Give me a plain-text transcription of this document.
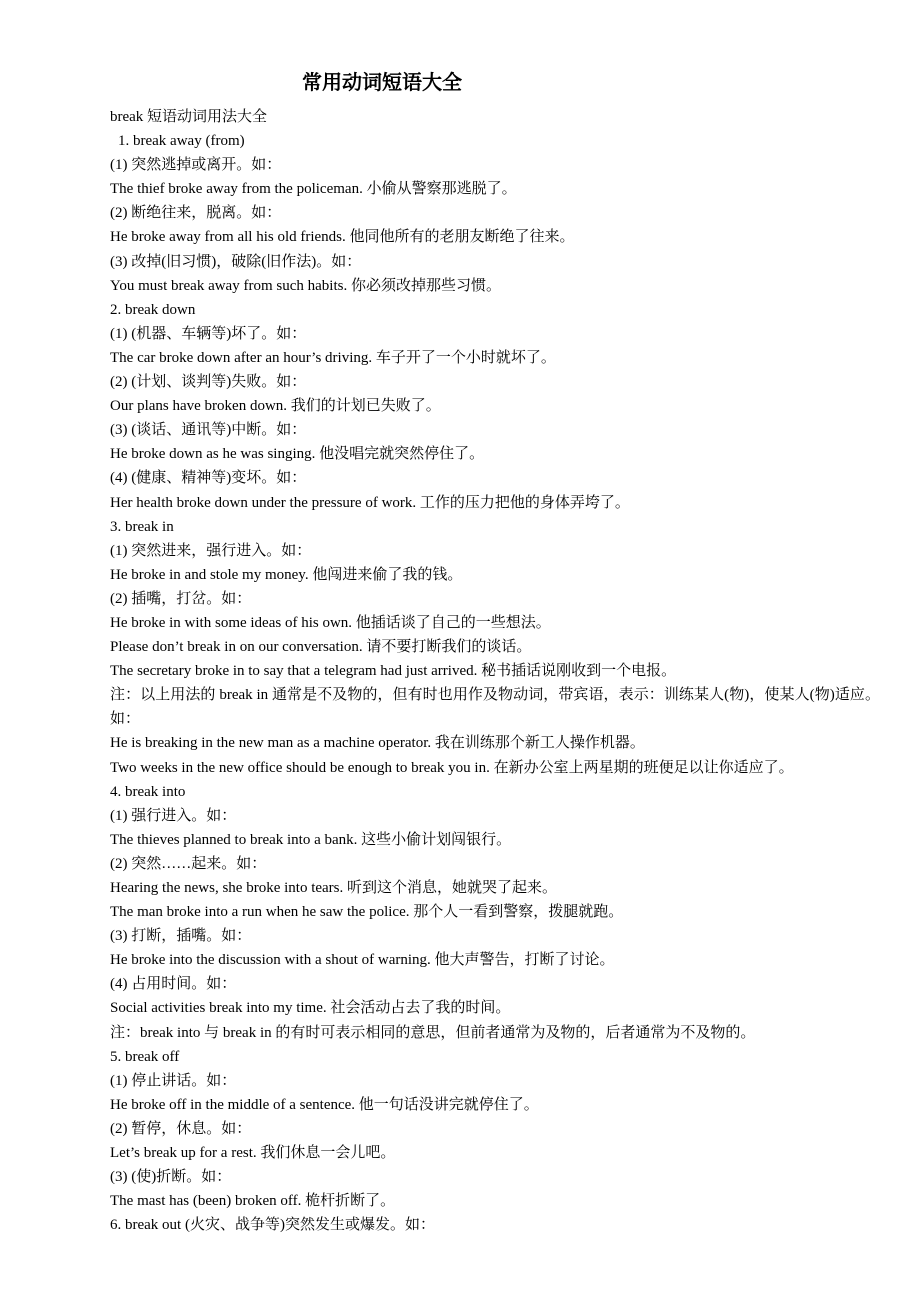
常用动词短语大全
break 短语动词用法大全
1. break away (from)
(1) 突然逃掉或离开。如：
The thief broke away from the policeman. 小偷从警察那逃脱了。
(2) 断绝往来，脱离。如：
He broke away from all his old friends. 他同他所有的老朋友断绝了往来。
(3) 改掉(旧习惯)，破除(旧作法)。如：
You must break away from such habits. 你必须改掉那些习惯。
2. break down
(1) (机器、车辆等)坏了。如：
The car broke down after an hour’s driving. 车子开了一个小时就坏了。
(2) (计划、谈判等)失败。如：
Our plans have broken down. 我们的计划已失败了。
(3) (谈话、通讯等)中断。如：
He broke down as he was singing. 他没唱完就突然停住了。
(4) (健康、精神等)变坏。如：
Her health broke down under the pressure of work. 工作的压力把他的身体弄垮了。
3. break in
(1) 突然进来，强行进入。如：
He broke in and stole my money. 他闯进来偷了我的钱。
(2) 插嘴，打岔。如：
He broke in with some ideas of his own. 他插话谈了自己的一些想法。
Please don’t break in on our conversation. 请不要打断我们的谈话。
The secretary broke in to say that a telegram had just arrived. 秘书插话说刚收到一个电报。
注：以上用法的 break in 通常是不及物的，但有时也用作及物动词，带宾语，表示：训练某人(物)，使某人(物)适应。如：
He is breaking in the new man as a machine operator. 我在训练那个新工人操作机器。
Two weeks in the new office should be enough to break you in. 在新办公室上两星期的班便足以让你适应了。
4. break into
(1) 强行进入。如：
The thieves planned to break into a bank. 这些小偷计划闯银行。
(2) 突然……起来。如：
Hearing the news, she broke into tears. 听到这个消息，她就哭了起来。
The man broke into a run when he saw the police. 那个人一看到警察，拨腿就跑。
(3) 打断，插嘴。如：
He broke into the discussion with a shout of warning. 他大声警告，打断了讨论。
(4) 占用时间。如：
Social activities break into my time. 社会活动占去了我的时间。
注：break into 与 break in 的有时可表示相同的意思，但前者通常为及物的，后者通常为不及物的。
5. break off
(1) 停止讲话。如：
He broke off in the middle of a sentence. 他一句话没讲完就停住了。
(2) 暂停，休息。如：
Let’s break up for a rest. 我们休息一会儿吧。
(3) (使)折断。如：
The mast has (been) broken off. 桅杆折断了。
6. break out (火灾、战争等)突然发生或爆发。如：
